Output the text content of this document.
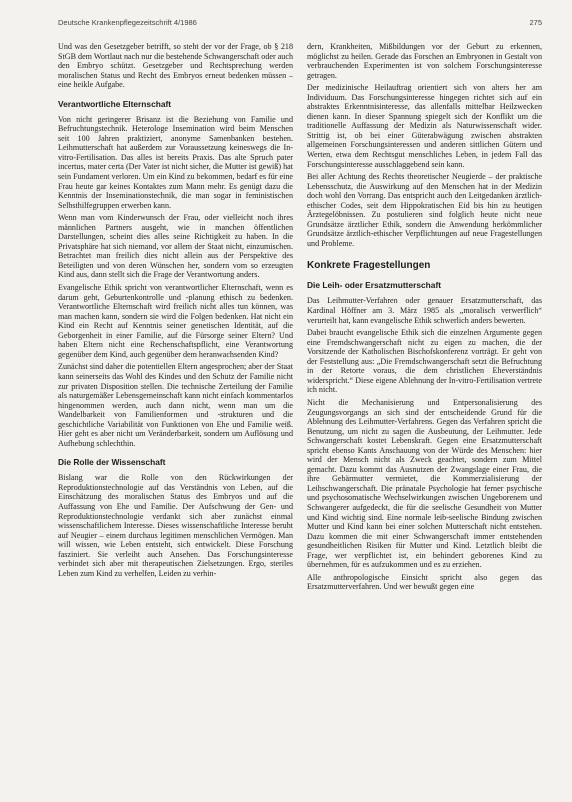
Deutsche Krankenpflegezeitschrift 4/1986	275

Und was den Gesetzgeber betrifft, so steht der vor der Frage, ob § 218 StGB dem Wortlaut nach nur die bestehende Schwangerschaft oder auch den Embryo schützt. Gesetzgeber und Rechtsprechung werden moralischen Status und Recht des Embryos erneut bedenken müssen – eine heikle Aufgabe.

Verantwortliche Elternschaft

Von nicht geringerer Brisanz ist die Beziehung von Familie und Befruchtungstechnik. Heterologe Insemination wird beim Menschen seit 100 Jahren praktiziert, anonyme Samenbanken bestehen. Leihmutterschaft hat außerdem zur Voraussetzung keineswegs die In-vitro-Fertilisation. Das alles ist bereits Praxis. Das alte Spruch pater incertus, mater certa (Der Vater ist nicht sicher, die Mutter ist gewiß) hat sein Fundament verloren. Um ein Kind zu bekommen, bedarf es für eine Frau heute gar keines Kontaktes zum Mann mehr. Es genügt dazu die Kenntnis der Inseminationstechnik, die man sogar in feministischen Selbsthilfegruppen erwerben kann.

Wenn man vom Kinderwunsch der Frau, oder vielleicht noch ihres männlichen Partners ausgeht, wie in manchen öffentlichen Darstellungen, scheint dies alles seine Richtigkeit zu haben. In die Privatsphäre hat sich niemand, vor allem der Staat nicht, einzumischen. Betrachtet man freilich dies nicht allein aus der Perspektive des Beteiligten und von deren Wünschen her, sondern vom so erzeugten Kind aus, dann stellt sich die Frage der Verantwortung anders.

Evangelische Ethik spricht von verantwortlicher Elternschaft, wenn es darum geht, Geburtenkontrolle und -planung ethisch zu bedenken. Verantwortliche Elternschaft wird freilich nicht alles tun können, was man machen kann, sondern sie wird die Folgen bedenken. Hat nicht ein Kind ein Recht auf Kenntnis seiner genetischen Identität, auf die Geborgenheit in einer Familie, auf die Fürsorge seiner Eltern? Und haben Eltern nicht eine Rechenschaftspflicht, eine Verantwortung gegenüber dem Kind, auch gegenüber dem heranwachsenden Kind?

Zunächst sind daher die potentiellen Eltern angesprochen; aber der Staat kann seinerseits das Wohl des Kindes und den Schutz der Familie nicht zur privaten Disposition stellen. Die technische Zerteilung der Familie als naturgemäßer Lebensgemeinschaft kann nicht einfach kommentarlos hingenommen werden, auch dann nicht, wenn man um die Wandelbarkeit von Familienformen und -strukturen und die geschichtliche Variabilität von Funktionen von Ehe und Familie weiß. Hier geht es aber nicht um Veränderbarkeit, sondern um Auflösung und Aufhebung schlechthin.

Die Rolle der Wissenschaft

Bislang war die Rolle von den Rückwirkungen der Reproduktionstechnologie auf das Verständnis von Leben, auf die Einschätzung des moralischen Status des Embryos und auf die Auffassung von Ehe und Familie. Der Aufschwung der Gen- und Reproduktionstechnologie verdankt sich aber zunächst einmal wissenschaftlichem Interesse. Dieses wissenschaftliche Interesse beruht auf Neugier – einem durchaus legitimen menschlichen Vermögen. Man will wissen, wie Leben entsteht, sich entwickelt. Diese Forschung fasziniert. Sie verleiht auch Ansehen. Das Forschungsinteresse verbindet sich aber mit therapeutischen Zielsetzungen. Ergo, steriles Leben zum Kind zu verhelfen, Leiden zu verhin-

dern, Krankheiten, Mißbildungen vor der Geburt zu erkennen, möglichst zu heilen. Gerade das Forschen an Embryonen in Gestalt von verbrauchenden Experimenten ist von solchem Forschungsinteresse getragen.

Der medizinische Heilauftrag orientiert sich von alters her am Individuum. Das Forschungsinteresse hingegen richtet sich auf ein abstraktes Erkenntnisinteresse, das allenfalls mittelbar Heilzwecken dienen kann. In dieser Spannung spiegelt sich der Konflikt um die traditionelle Auffassung der Medizin als Naturwissenschaft wider. Strittig ist, ob bei einer Güterabwägung zwischen abstrakten allgemeinen Forschungsinteressen und anderen sittlichen Gütern und Werten, etwa dem Rechtsgut menschliches Leben, in jedem Fall das Forschungsinteresse ausschlaggebend sein kann.

Bei aller Achtung des Rechts theoretischer Neugierde – der praktische Lebensschutz, die Auswirkung auf den Menschen hat in der Medizin doch wohl den Vorrang. Das entspricht auch den Leitgedanken ärztlich-ethischer Codes, seit dem Hippokratischen Eid bis hin zu heutigen Ärztegelöbnissen. Zu postulieren sind folglich heute nicht neue Grundsätze ärztlicher Ethik, sondern die Anwendung herkömmlicher Grundsätze ärztlich-ethischer Verpflichtungen auf neue Fragestellungen und Probleme.

Konkrete Fragestellungen
Die Leih- oder Ersatzmutterschaft

Das Leihmutter-Verfahren oder genauer Ersatzmutterschaft, das Kardinal Höffner am 3. März 1985 als „moralisch verwerflich“ verurteilt hat, kann evangelische Ethik schwerlich anders bewerten.

Dabei braucht evangelische Ethik sich die einzelnen Argumente gegen eine Fremdschwangerschaft nicht zu eigen zu machen, die der Vorsitzende der Katholischen Bischofskonferenz vorträgt. Er geht von der Feststellung aus: „Die Fremdschwangerschaft setzt die Befruchtung in der Retorte voraus, die dem christlichen Eheverständnis widerspricht.“ Diese eigene Ablehnung der In-vitro-Fertilisation vertrete ich nicht.

Nicht die Mechanisierung und Entpersonalisierung des Zeugungsvorgangs an sich sind der entscheidende Grund für die Ablehnung des Leihmutter-Verfahrens. Gegen das Verfahren spricht die Benutzung, um nicht zu sagen die Ausbeutung, der Leihmutter. Jede Schwangerschaft kostet Lebenskraft. Gegen eine Ersatzmutterschaft spricht ebenso Kants Anschauung von der Würde des Menschen: hier wird der Mensch nicht als Zweck geachtet, sondern zum Mittel gemacht. Dazu kommt das Ausnutzen der Zwangslage einer Frau, die ihre Gebärmutter vermietet, die Kommerzialisierung der Leihschwangerschaft. Die pränatale Psychologie hat ferner psychische und psychosomatische Wechselwirkungen zwischen Ungeborenem und Schwangerer aufgedeckt, die für die seelische Gesundheit von Mutter und Kind wichtig sind. Eine normale leib-seelische Bindung zwischen Mutter und Kind kann bei einer solchen Mutterschaft nicht entstehen. Dazu kommen die mit einer Schwangerschaft immer entstehenden gesundheitlichen Risiken für Mutter und Kind. Letztlich bleibt die Frage, wer verpflichtet ist, ein behindert geborenes Kind zu übernehmen, für es aufzukommen und es zu erziehen.

Alle anthropologische Einsicht spricht also gegen das Ersatzmutterverfahren. Und wer bewußt gegen eine
